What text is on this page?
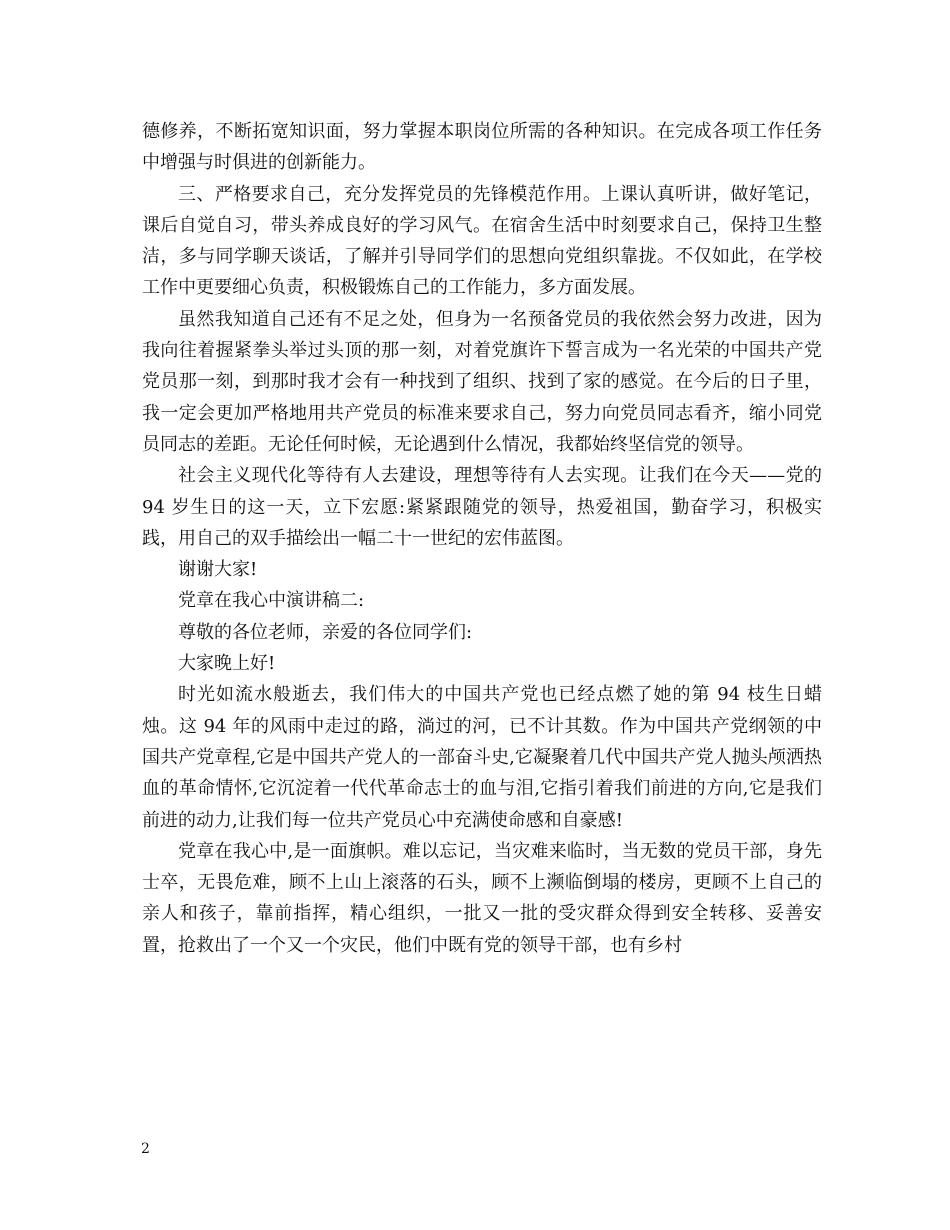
德修养，不断拓宽知识面，努力掌握本职岗位所需的各种知识。在完成各项工作任务中增强与时俱进的创新能力。

三、严格要求自己，充分发挥党员的先锋模范作用。上课认真听讲，做好笔记，课后自觉自习，带头养成良好的学习风气。在宿舍生活中时刻要求自己，保持卫生整洁，多与同学聊天谈话，了解并引导同学们的思想向党组织靠拢。不仅如此，在学校工作中更要细心负责，积极锻炼自己的工作能力，多方面发展。

虽然我知道自己还有不足之处，但身为一名预备党员的我依然会努力改进，因为我向往着握紧拳头举过头顶的那一刻，对着党旗许下誓言成为一名光荣的中国共产党党员那一刻，到那时我才会有一种找到了组织、找到了家的感觉。在今后的日子里，我一定会更加严格地用共产党员的标准来要求自己，努力向党员同志看齐，缩小同党员同志的差距。无论任何时候，无论遇到什么情况，我都始终坚信党的领导。

社会主义现代化等待有人去建设，理想等待有人去实现。让我们在今天——党的 94 岁生日的这一天，立下宏愿:紧紧跟随党的领导，热爱祖国，勤奋学习，积极实践，用自己的双手描绘出一幅二十一世纪的宏伟蓝图。

谢谢大家!

党章在我心中演讲稿二:

尊敬的各位老师，亲爱的各位同学们:

大家晚上好!

时光如流水般逝去，我们伟大的中国共产党也已经点燃了她的第 94 枝生日蜡烛。这 94 年的风雨中走过的路，淌过的河，已不计其数。作为中国共产党纲领的中国共产党章程,它是中国共产党人的一部奋斗史,它凝聚着几代中国共产党人抛头颅洒热血的革命情怀,它沉淀着一代代革命志士的血与泪,它指引着我们前进的方向,它是我们前进的动力,让我们每一位共产党员心中充满使命感和自豪感!

党章在我心中,是一面旗帜。难以忘记，当灾难来临时，当无数的党员干部，身先士卒，无畏危难，顾不上山上滚落的石头，顾不上濒临倒塌的楼房，更顾不上自己的亲人和孩子，靠前指挥，精心组织，一批又一批的受灾群众得到安全转移、妥善安置，抢救出了一个又一个灾民，他们中既有党的领导干部，也有乡村

2
